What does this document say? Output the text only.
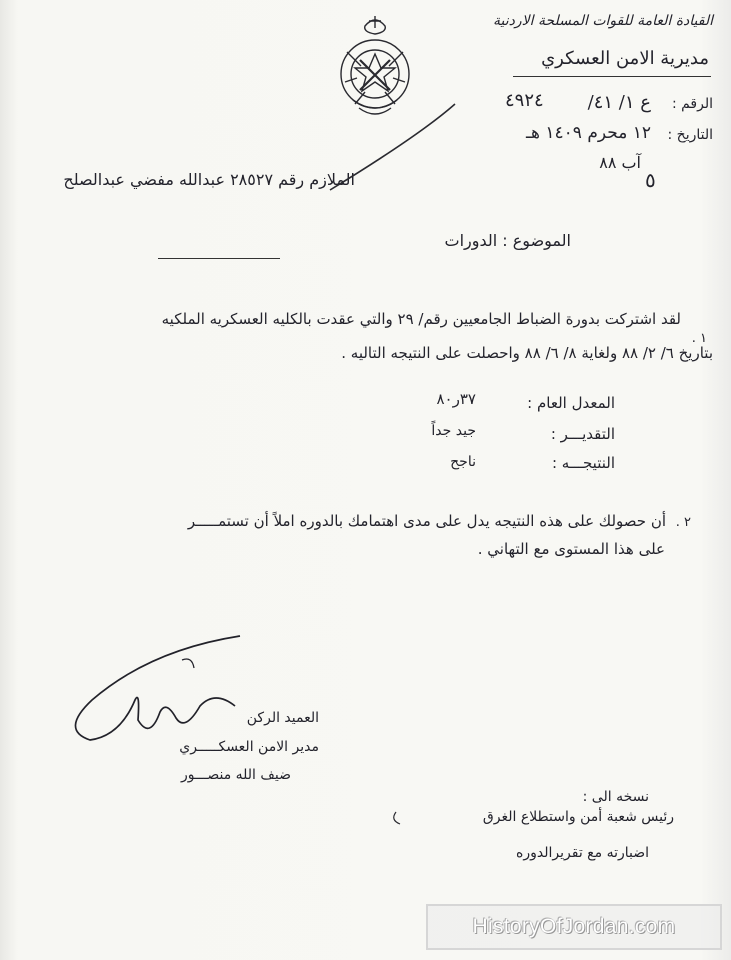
القيادة العامة للقوات المسلحة الاردنية
مديرية الامن العسكري
الرقم :
ع ١/ ٤١/
٤٩٢٤
التاريخ :
١٢ محرم ١٤٠٩ هـ
آب ٨٨
٥
الملازم رقم ٢٨٥٢٧ عبدالله مفضي عبدالصلح
الموضوع : الدورات
١ .
لقد اشتركت بدورة الضباط الجامعيين رقم/ ٢٩ والتي عقدت بالكليه العسكريه الملكيه
بتاريخ ٦/ ٢/ ٨٨ ولغاية ٨/ ٦/ ٨٨ واحصلت على النتيجه التاليه .
المعدل العام :
٣٧ر٨٠
التقديـــر :
جيد جداً
النتيجـــه :
ناجح
٢ .
أن حصولك على هذه النتيجه يدل على مدى اهتمامك بالدوره املاً أن تستمـــــر
على هذا المستوى مع التهاني .
العميد الركن
مدير الامن العسكـــــري
ضيف الله منصـــور
نسخه الى :
رئيس شعبة أمن واستطلاع الغرق
اضبارته مع تقريرالدوره
HistoryOfJordan.com
